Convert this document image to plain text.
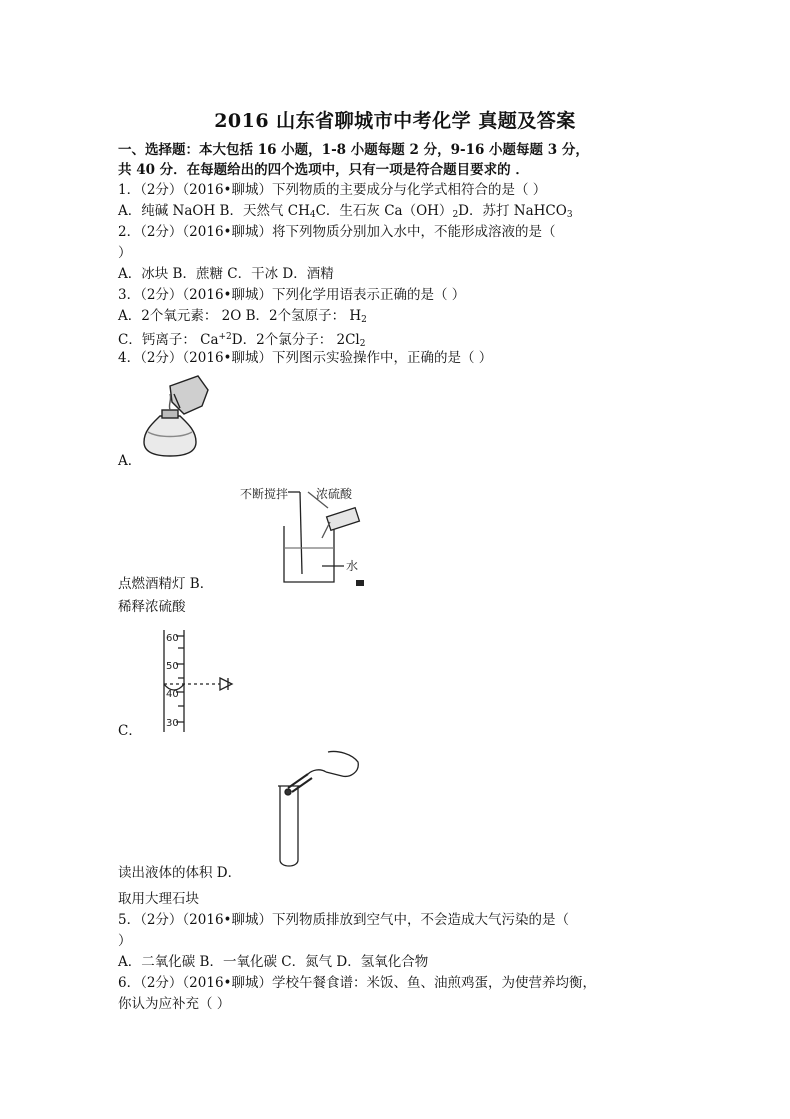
2016 山东省聊城市中考化学 真题及答案
一、选择题：本大包括 16 小题，1-8 小题每题 2 分，9-16 小题每题 3 分，
共 40 分．在每题给出的四个选项中，只有一项是符合题目要求的 ．
1．（2分）（2016•聊城）下列物质的主要成分与化学式相符合的是（ ）
A．纯碱 NaOH B．天然气 $CH_4C$．生石灰 $Ca(OH)_2D$．苏打 NaHCO$_3$
2．（2分）（2016•聊城）将下列物质分别加入水中，不能形成溶液的是（
）
A．冰块 B．蔗糖 C．干冰 D．酒精
3．（2分）（2016•聊城）下列化学用语表示正确的是（ ）
A．2个氧元素： 2O B．2个氢原子： $H_2$
C．钙离子： $Ca^{+2}D$．2个氯分子： $2Cl_2$
4．（2分）（2016•聊城）下列图示实验操作中，正确的是（ ）
A．
不断搅拌 浓硫酸
水
点燃酒精灯 B．
稀释浓硫酸
60
50
40
30
C．
读出液体的体积 D．
取用大理石块
5．（2分）（2016•聊城）下列物质排放到空气中，不会造成大气污染的是（
）
A．二氧化碳 B．一氧化碳 C．氮气 D．氢氧化合物
6．（2分）（2016•聊城）学校午餐食谱：米饭、鱼、油煎鸡蛋，为使营养均衡，
你认为应补充（ ）
